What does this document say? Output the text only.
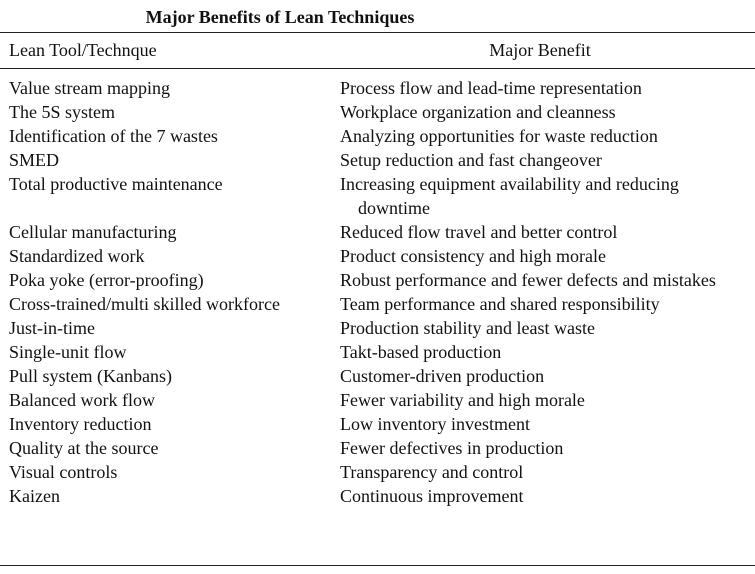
Major Benefits of Lean Techniques
Lean Tool/Technque	Major Benefit
Value stream mapping	Process flow and lead-time representation

The 5S system	Workplace organization and cleanness

Identification of the 7 wastes	Analyzing opportunities for waste reduction

SMED	Setup reduction and fast changeover

Total productive maintenance	Increasing equipment availability and reducing downtime

Cellular manufacturing	Reduced flow travel and better control

Standardized work	Product consistency and high morale

Poka yoke (error-proofing)	Robust performance and fewer defects and mistakes

Cross-trained/multi skilled workforce	Team performance and shared responsibility

Just-in-time	Production stability and least waste

Single-unit flow	Takt-based production

Pull system (Kanbans)	Customer-driven production

Balanced work flow	Fewer variability and high morale

Inventory reduction	Low inventory investment

Quality at the source	Fewer defectives in production

Visual controls	Transparency and control

Kaizen	Continuous improvement
